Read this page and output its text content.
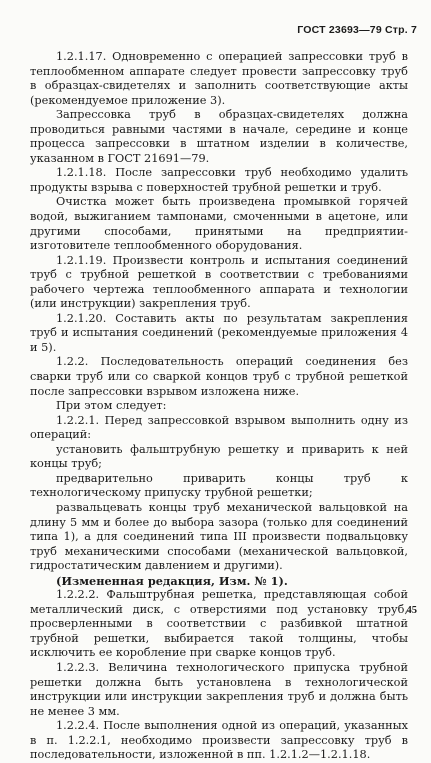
ГОСТ 23693—79 Стр. 7

1.2.1.17. Одновременно с операцией запрессовки труб в теплообменном аппарате следует провести запрессовку труб в образцах-свидетелях и заполнить соответствующие акты (рекомендуемое приложение 3).

Запрессовка труб в образцах-свидетелях должна проводиться равными частями в начале, середине и конце процесса запрессовки в штатном изделии в количестве, указанном в ГОСТ 21691—79.

1.2.1.18. После запрессовки труб необходимо удалить продукты взрыва с поверхностей трубной решетки и труб.

Очистка может быть произведена промывкой горячей водой, выжиганием тампонами, смоченными в ацетоне, или другими способами, принятыми на предприятии-изготовителе теплообменного оборудования.

1.2.1.19. Произвести контроль и испытания соединений труб с трубной решеткой в соответствии с требованиями рабочего чертежа теплообменного аппарата и технологии (или инструкции) закрепления труб.

1.2.1.20. Составить акты по результатам закрепления труб и испытания соединений (рекомендуемые приложения 4 и 5).

1.2.2. Последовательность операций соединения без сварки труб или со сваркой концов труб с трубной решеткой после запрессовки взрывом изложена ниже.

При этом следует:

1.2.2.1. Перед запрессовкой взрывом выполнить одну из операций:

установить фальштрубную решетку и приварить к ней концы труб;

предварительно приварить концы труб к технологическому припуску трубной решетки;

развальцевать концы труб механической вальцовкой на длину 5 мм и более до выбора зазора (только для соединений типа 1), а для соединений типа III произвести подвальцовку труб механическими способами (механической вальцовкой, гидростатическим давлением и другими).

(Измененная редакция, Изм. № 1).

1.2.2.2. Фальштрубная решетка, представляющая собой металлический диск, с отверстиями под установку труб, просверленными в соответствии с разбивкой штатной трубной решетки, выбирается такой толщины, чтобы исключить ее коробление при сварке концов труб.

1.2.2.3. Величина технологического припуска трубной решетки должна быть установлена в технологической инструкции или инструкции закрепления труб и должна быть не менее 3 мм.

1.2.2.4. После выполнения одной из операций, указанных в п. 1.2.2.1, необходимо произвести запрессовку труб в последовательности, изложенной в пп. 1.2.1.2—1.2.1.18.

45
